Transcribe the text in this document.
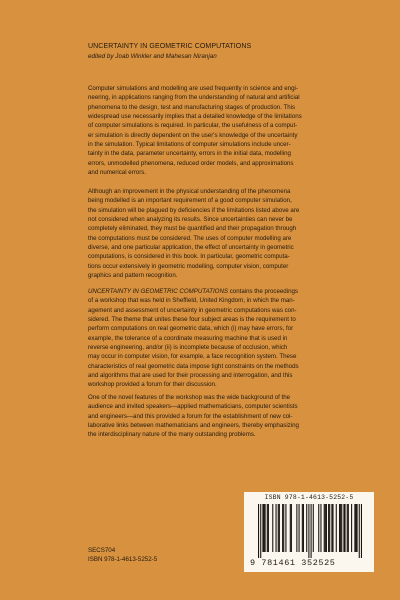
UNCERTAINTY IN GEOMETRIC COMPUTATIONS
edited by Joab Winkler and Mahesan Niranjan
Computer simulations and modelling are used frequently in science and engi-
neering, in applications ranging from the understanding of natural and artificial
phenomena to the design, test and manufacturing stages of production. This
widespread use necessarily implies that a detailed knowledge of the limitations
of computer simulations is required. In particular, the usefulness of a comput-
er simulation is directly dependent on the user's knowledge of the uncertainty
in the simulation. Typical limitations of computer simulations include uncer-
tainty in the data, parameter uncertainty, errors in the initial data, modelling
errors, unmodelled phenomena, reduced order models, and approximations
and numerical errors.
Although an improvement in the physical understanding of the phenomena
being modelled is an important requirement of a good computer simulation,
the simulation will be plagued by deficiencies if the limitations listed above are
not considered when analyzing its results. Since uncertainties can never be
completely eliminated, they must be quantified and their propagation through
the computations must be considered. The uses of computer modelling are
diverse, and one particular application, the effect of uncertainty in geometric
computations, is considered in this book. In particular, geometric computa-
tions occur extensively in geometric modelling, computer vision, computer
graphics and pattern recognition.
UNCERTAINTY IN GEOMETRIC COMPUTATIONS contains the proceedings
of a workshop that was held in Sheffield, United Kingdom, in which the man-
agement and assessment of uncertainty in geometric computations was con-
sidered. The theme that unites these four subject areas is the requirement to
perform computations on real geometric data, which (i) may have errors, for
example, the tolerance of a coordinate measuring machine that is used in
reverse engineering, and/or (ii) is incomplete because of occlusion, which
may occur in computer vision, for example, a face recognition system. These
characteristics of real geometric data impose tight constraints on the methods
and algorithms that are used for their processing and interrogation, and this
workshop provided a forum for their discussion.
One of the novel features of the workshop was the wide background of the
audience and invited speakers—applied mathematicians, computer scientists
and engineers—and this provided a forum for the establishment of new col-
laborative links between mathematicians and engineers, thereby emphasizing
the interdisciplinary nature of the many outstanding problems.
ISBN 978-1-4613-5252-5
9 781461 352525
SECS704
ISBN 978-1-4613-5252-5
